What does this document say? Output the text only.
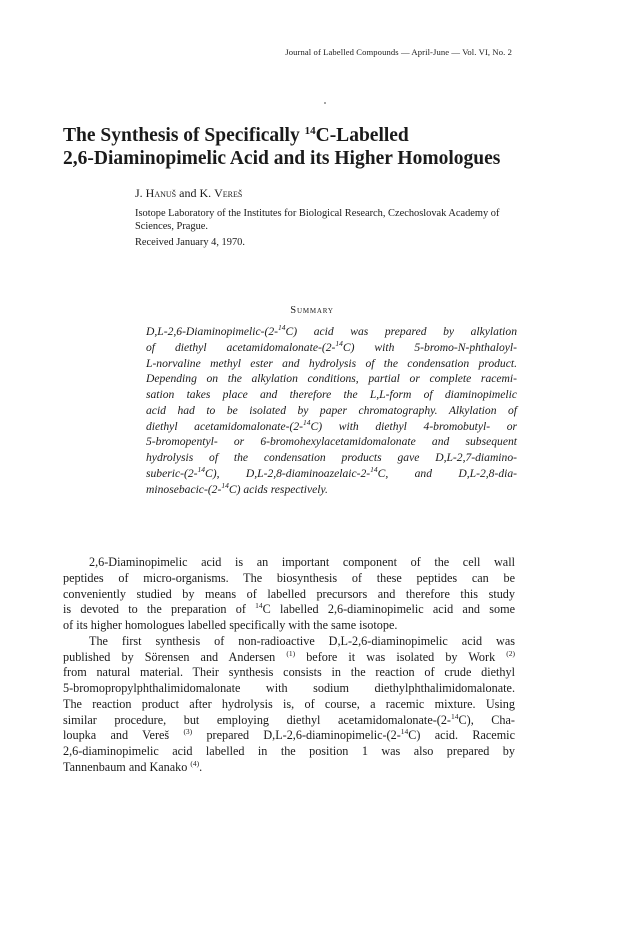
Journal of Labelled Compounds — April-June — Vol. VI, No. 2
The Synthesis of Specifically $^{14}$C-Labelled
2,6-Diaminopimelic Acid and its Higher Homologues
J. Hanuš and K. Vereš
Isotope Laboratory of the Institutes for Biological Research, Czechoslovak Academy of Sciences, Prague.
Received January 4, 1970.
Summary
D,L-2,6-Diaminopimelic-(2-$^{14}$C) acid was prepared by alkylation
of diethyl acetamidomalonate-(2-$^{14}$C) with 5-bromo-N-phthaloyl-
L-norvaline methyl ester and hydrolysis of the condensation product.
Depending on the alkylation conditions, partial or complete racemi-
sation takes place and therefore the L,L-form of diaminopimelic
acid had to be isolated by paper chromatography. Alkylation of
diethyl acetamidomalonate-(2-$^{14}$C) with diethyl 4-bromobutyl- or
5-bromopentyl- or 6-bromohexylacetamidomalonate and subsequent
hydrolysis of the condensation products gave D,L-2,7-diamino-
suberic-(2-$^{14}$C), D,L-2,8-diaminoazelaic-2-$^{14}$C, and D,L-2,8-dia-
minosebacic-(2-$^{14}$C) acids respectively.
2,6-Diaminopimelic acid is an important component of the cell wall
peptides of micro-organisms. The biosynthesis of these peptides can be
conveniently studied by means of labelled precursors and therefore this study
is devoted to the preparation of $^{14}$C labelled 2,6-diaminopimelic acid and some
of its higher homologues labelled specifically with the same isotope.
The first synthesis of non-radioactive D,L-2,6-diaminopimelic acid was
published by Sörensen and Andersen $^{(1)}$ before it was isolated by Work $^{(2)}$
from natural material. Their synthesis consists in the reaction of crude diethyl
5-bromopropylphthalimidomalonate with sodium diethylphthalimidomalonate.
The reaction product after hydrolysis is, of course, a racemic mixture. Using
similar procedure, but employing diethyl acetamidomalonate-(2-$^{14}$C), Cha-
loupka and Vereš $^{(3)}$ prepared D,L-2,6-diaminopimelic-(2-$^{14}$C) acid. Racemic
2,6-diaminopimelic acid labelled in the position 1 was also prepared by
Tannenbaum and Kanako $^{(4)}$.
